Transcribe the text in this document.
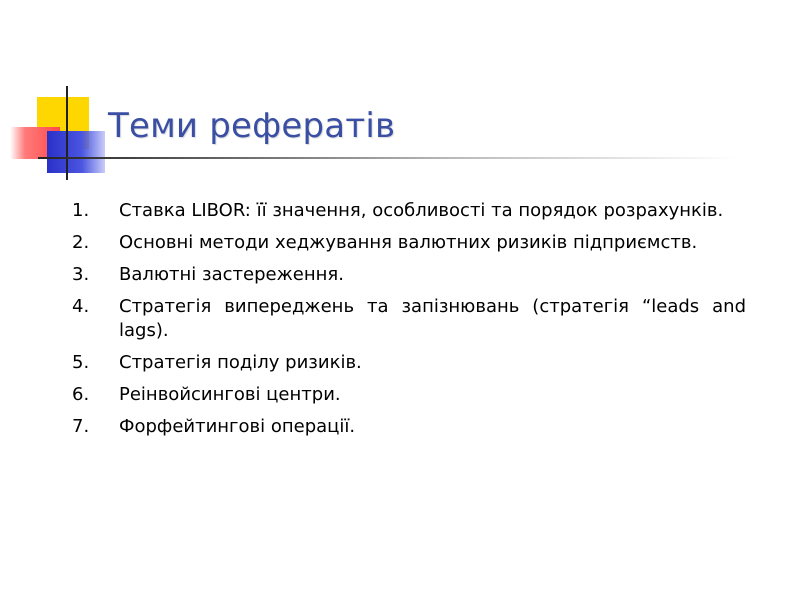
Теми рефератів
1.	Ставка LIBOR: її значення, особливості та порядок розрахунків.
2.	Основні методи хеджування валютних ризиків підприємств.
3.	Валютні застереження.
4.	Стратегія випереджень та запізнювань (стратегія “leads and lags).
5.	Стратегія поділу ризиків.
6.	Реінвойсингові центри.
7.	Форфейтингові операції.
